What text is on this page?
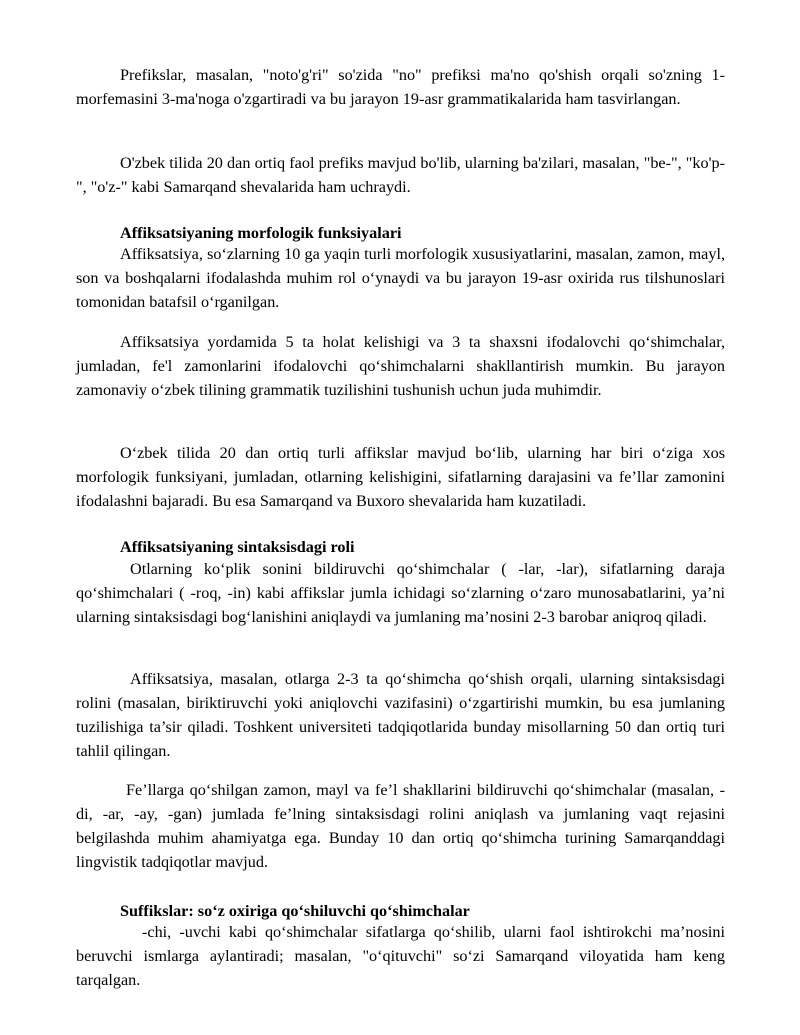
Prefikslar, masalan, "noto'g'ri" so'zida "no" prefiksi ma'no qo'shish orqali so'zning 1-morfemasini 3-ma'noga o'zgartiradi va bu jarayon 19-asr grammatikalarida ham tasvirlangan.

O'zbek tilida 20 dan ortiq faol prefiks mavjud bo'lib, ularning ba'zilari, masalan, "be-", "ko'p-", "o'z-" kabi Samarqand shevalarida ham uchraydi.

Affiksatsiyaning morfologik funksiyalari

Affiksatsiya, so‘zlarning 10 ga yaqin turli morfologik xususiyatlarini, masalan, zamon, mayl, son va boshqalarni ifodalashda muhim rol o‘ynaydi va bu jarayon 19-asr oxirida rus tilshunoslari tomonidan batafsil o‘rganilgan.

Affiksatsiya yordamida 5 ta holat kelishigi va 3 ta shaxsni ifodalovchi qo‘shimchalar, jumladan, fe'l zamonlarini ifodalovchi qo‘shimchalarni shakllantirish mumkin. Bu jarayon zamonaviy o‘zbek tilining grammatik tuzilishini tushunish uchun juda muhimdir.

O‘zbek tilida 20 dan ortiq turli affikslar mavjud bo‘lib, ularning har biri o‘ziga xos morfologik funksiyani, jumladan, otlarning kelishigini, sifatlarning darajasini va fe’llar zamonini ifodalashni bajaradi. Bu esa Samarqand va Buxoro shevalarida ham kuzatiladi.

Affiksatsiyaning sintaksisdagi roli

Otlarning ko‘plik sonini bildiruvchi qo‘shimchalar ( -lar, -lar), sifatlarning daraja qo‘shimchalari ( -roq, -in) kabi affikslar jumla ichidagi so‘zlarning o‘zaro munosabatlarini, ya’ni ularning sintaksisdagi bog‘lanishini aniqlaydi va jumlaning ma’nosini 2-3 barobar aniqroq qiladi.

Affiksatsiya, masalan, otlarga 2-3 ta qo‘shimcha qo‘shish orqali, ularning sintaksisdagi rolini (masalan, biriktiruvchi yoki aniqlovchi vazifasini) o‘zgartirishi mumkin, bu esa jumlaning tuzilishiga ta’sir qiladi. Toshkent universiteti tadqiqotlarida bunday misollarning 50 dan ortiq turi tahlil qilingan.

Fe’llarga qo‘shilgan zamon, mayl va fe’l shakllarini bildiruvchi qo‘shimchalar (masalan, -di, -ar, -ay, -gan) jumlada fe’lning sintaksisdagi rolini aniqlash va jumlaning vaqt rejasini belgilashda muhim ahamiyatga ega. Bunday 10 dan ortiq qo‘shimcha turining Samarqanddagi lingvistik tadqiqotlar mavjud.

Suffikslar: so‘z oxiriga qo‘shiluvchi qo‘shimchalar

-chi, -uvchi kabi qo‘shimchalar sifatlarga qo‘shilib, ularni faol ishtirokchi ma’nosini beruvchi ismlarga aylantiradi; masalan, "o‘qituvchi" so‘zi Samarqand viloyatida ham keng tarqalgan.
